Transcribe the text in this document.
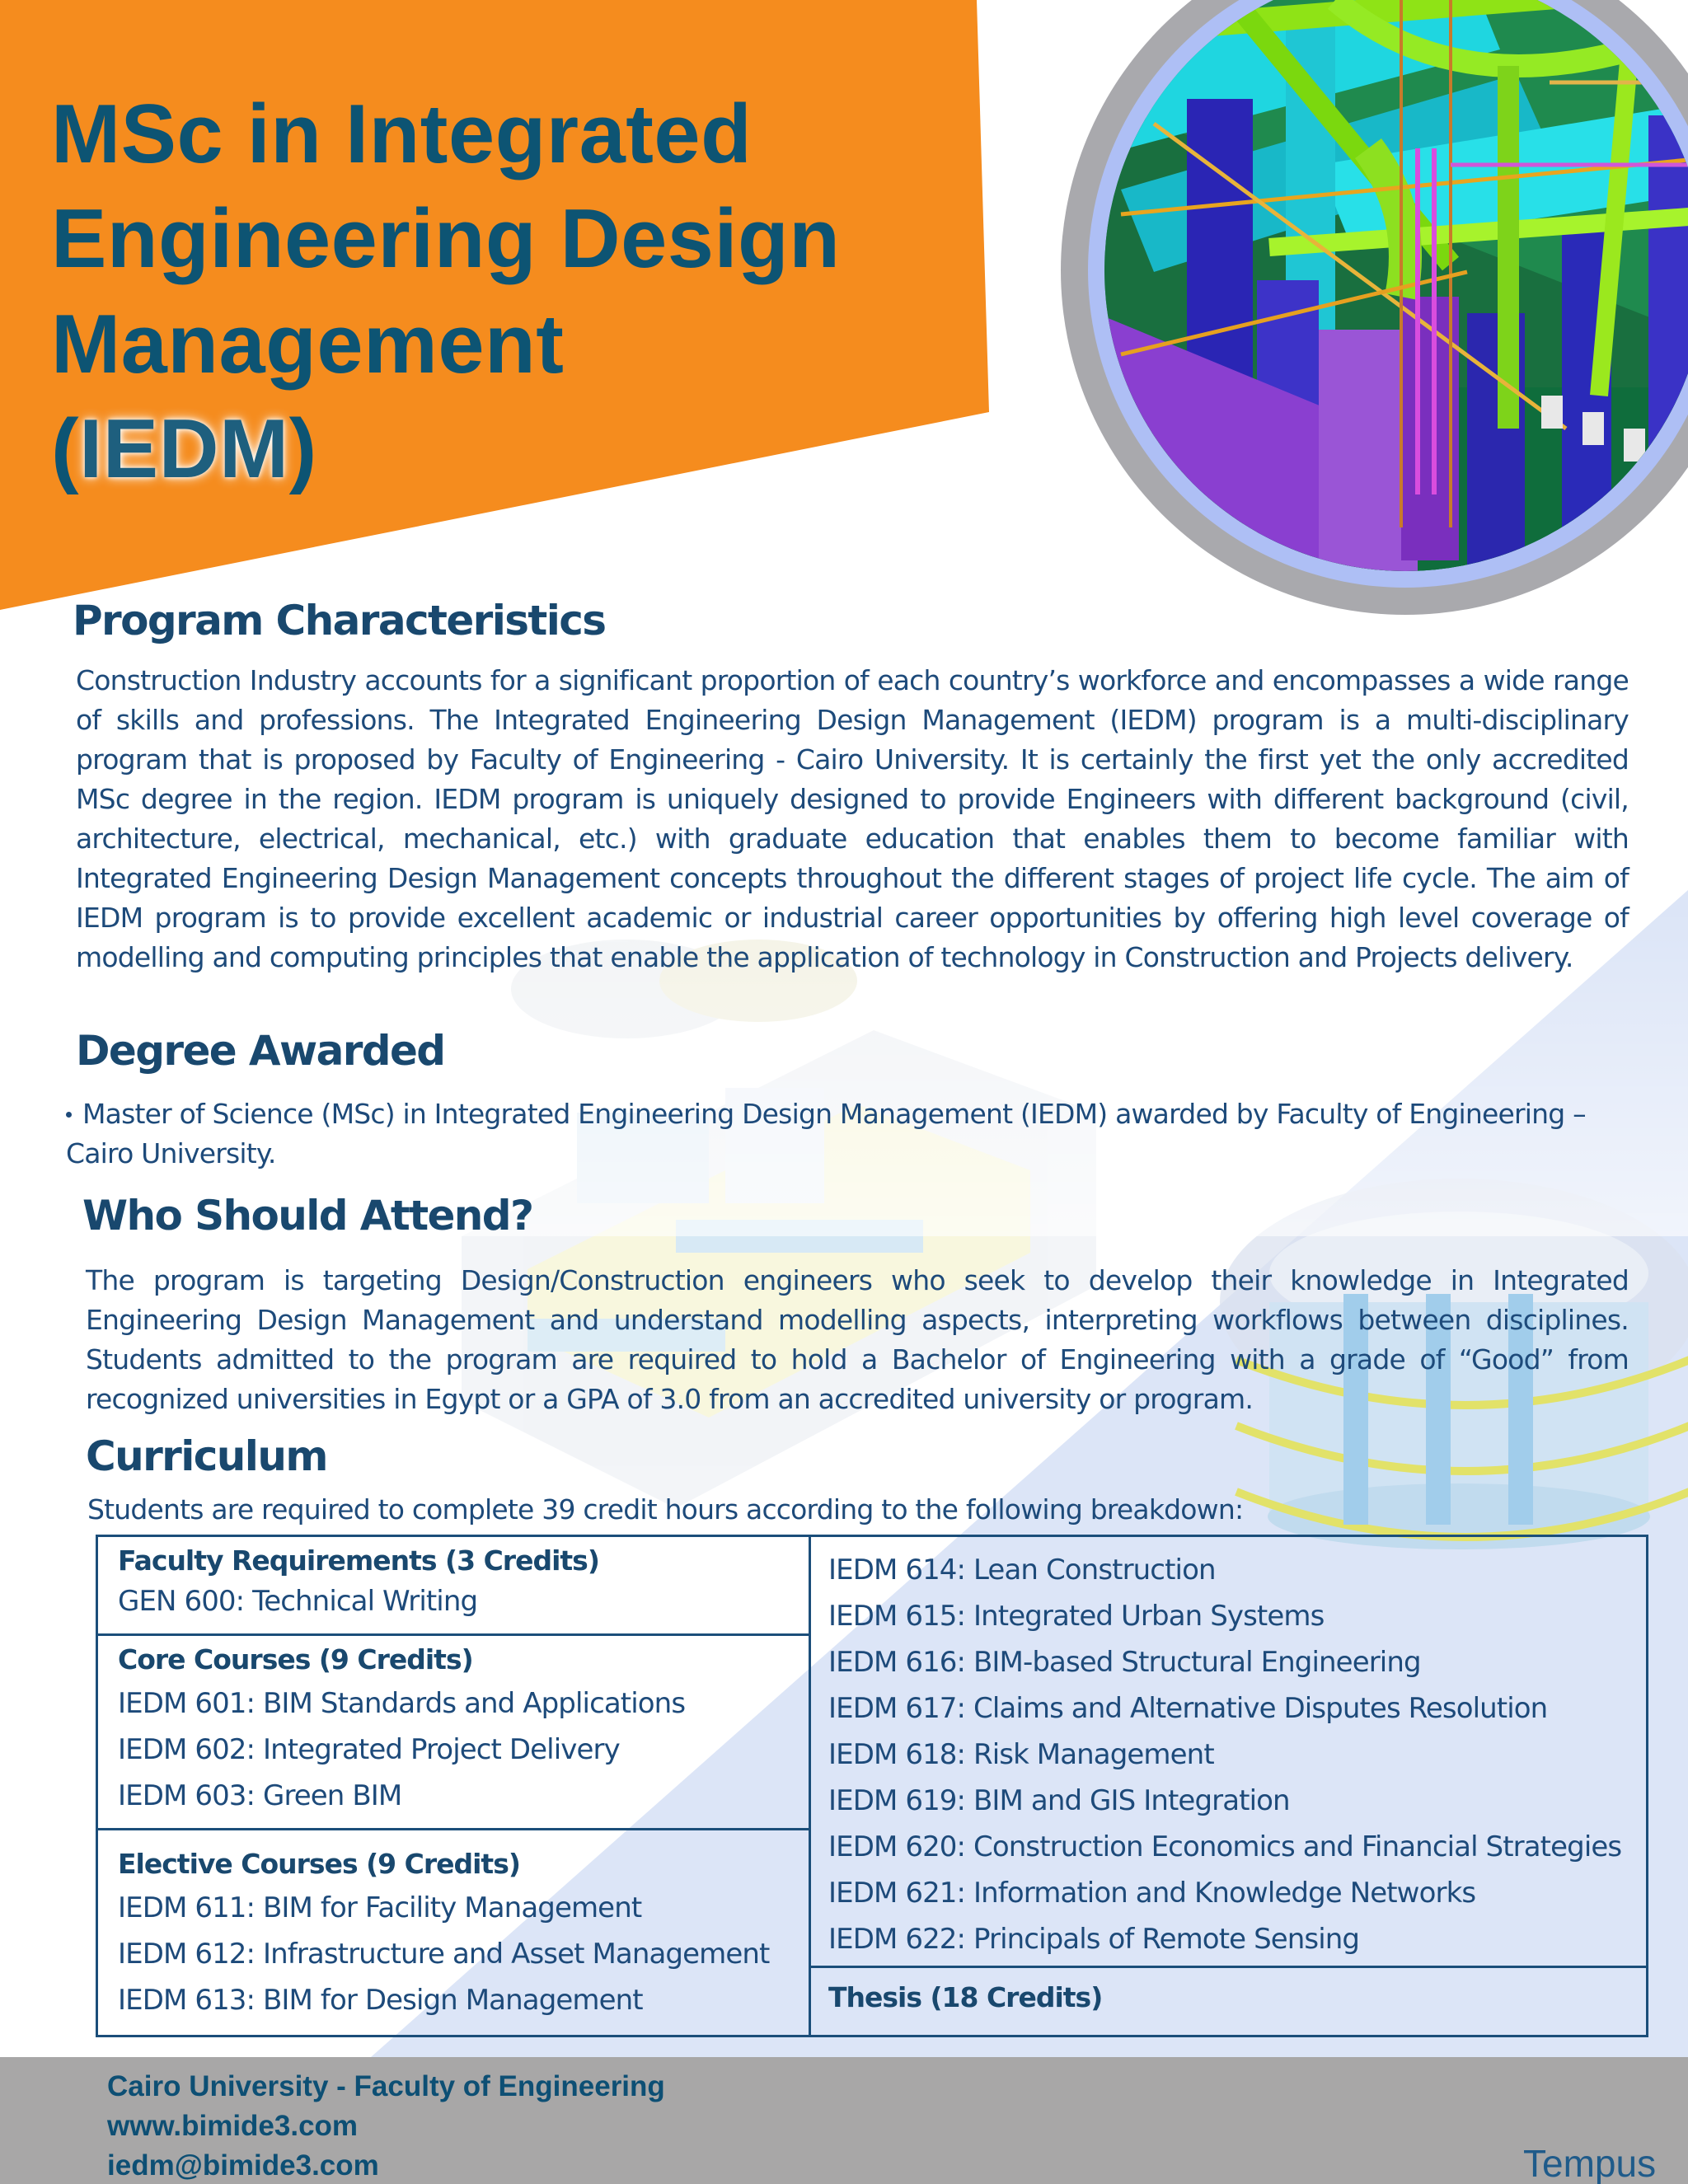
MSc in Integrated
Engineering Design
Management
(IEDM)
Program Characteristics

Construction Industry accounts for a significant proportion of each country’s workforce and encompasses a wide range of skills and professions. The Integrated Engineering Design Management (IEDM) program is a multi-disciplinary program that is proposed by Faculty of Engineering - Cairo University. It is certainly the first yet the only accredited MSc degree in the region. IEDM program is uniquely designed to provide Engineers with different background (civil, architecture, electrical, mechanical, etc.) with graduate education that enables them to become familiar with Integrated Engineering Design Management concepts throughout the different stages of project life cycle. The aim of IEDM program is to provide excellent academic or industrial career opportunities by offering high level coverage of modelling and computing principles that enable the application of technology in Construction and Projects delivery.

Degree Awarded

Master of Science (MSc) in Integrated Engineering Design Management (IEDM) awarded by Faculty of Engineering – Cairo University.

Who Should Attend?

The program is targeting Design/Construction engineers who seek to develop their knowledge in Integrated Engineering Design Management and understand modelling aspects, interpreting workflows between disciplines. Students admitted to the program are required to hold a Bachelor of Engineering with a grade of “Good” from recognized universities in Egypt or a GPA of 3.0 from an accredited university or program.

Curriculum

Students are required to complete 39 credit hours according to the following breakdown:

Faculty Requirements (3 Credits)
GEN 600: Technical Writing
Core Courses (9 Credits)
IEDM 601: BIM Standards and Applications
IEDM 602: Integrated Project Delivery
IEDM 603: Green BIM
Elective Courses (9 Credits)
IEDM 611: BIM for Facility Management
IEDM 612: Infrastructure and Asset Management
IEDM 613: BIM for Design Management
IEDM 614: Lean Construction
IEDM 615: Integrated Urban Systems
IEDM 616: BIM-based Structural Engineering
IEDM 617: Claims and Alternative Disputes Resolution
IEDM 618: Risk Management
IEDM 619: BIM and GIS Integration
IEDM 620: Construction Economics and Financial Strategies
IEDM 621: Information and Knowledge Networks
IEDM 622: Principals of Remote Sensing
Thesis (18 Credits)
Cairo University - Faculty of Engineering
www.bimide3.com
iedm@bimide3.com	Tempus
